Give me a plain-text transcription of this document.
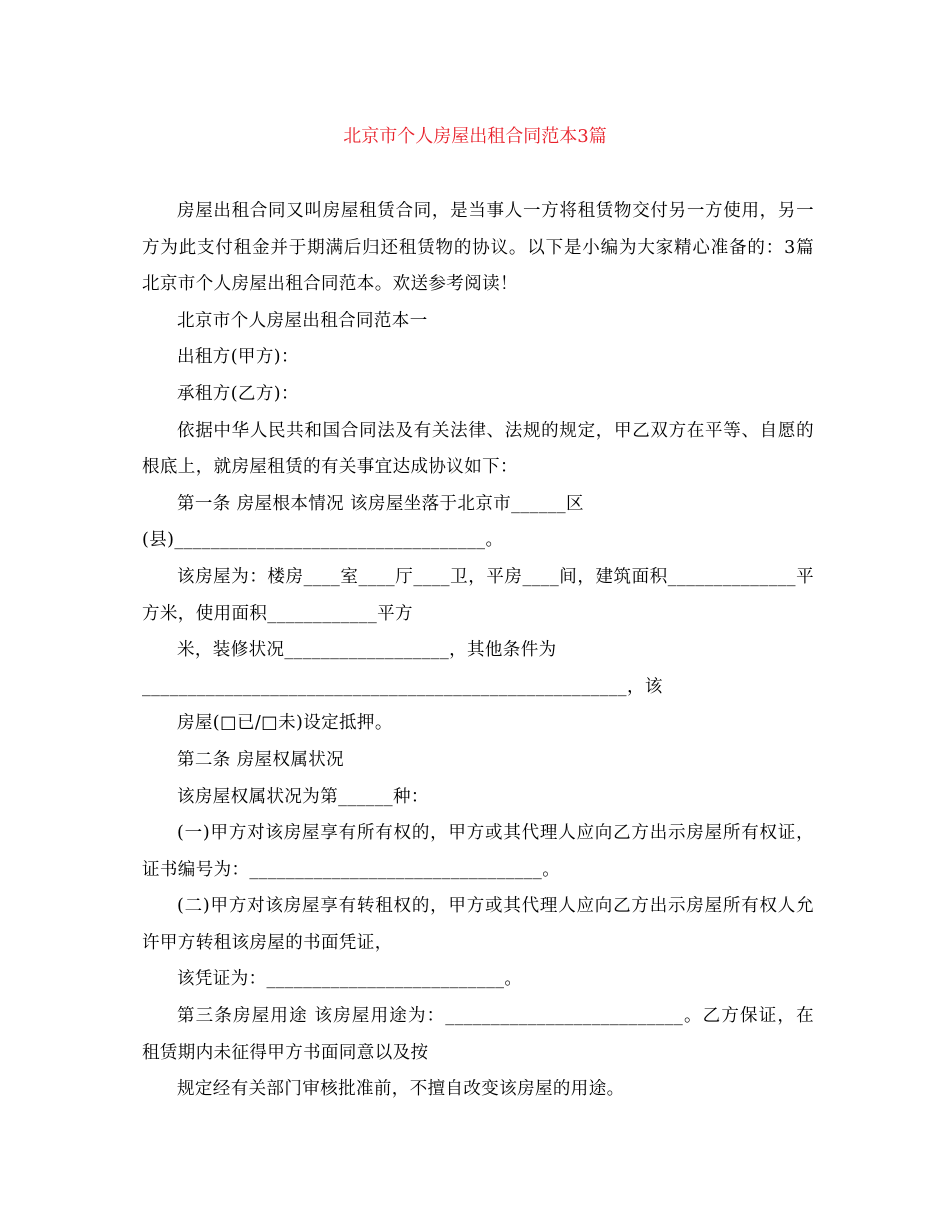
北京市个人房屋出租合同范本3篇

房屋出租合同又叫房屋租赁合同，是当事人一方将租赁物交付另一方使用，另一方为此支付租金并于期满后归还租赁物的协议。以下是小编为大家精心准备的：3篇北京市个人房屋出租合同范本。欢送参考阅读！

北京市个人房屋出租合同范本一

出租方(甲方)：

承租方(乙方)：

依据中华人民共和国合同法及有关法律、法规的规定，甲乙双方在平等、自愿的根底上，就房屋租赁的有关事宜达成协议如下：

第一条 房屋根本情况 该房屋坐落于北京市______区

(县)__________________________________。

该房屋为：楼房____室____厅____卫，平房____间，建筑面积______________平方米，使用面积____________平方

米，装修状况__________________，其他条件为

_____________________________________________________，该

房屋(□已/□未)设定抵押。

第二条 房屋权属状况

该房屋权属状况为第______种：

(一)甲方对该房屋享有所有权的，甲方或其代理人应向乙方出示房屋所有权证，证书编号为：________________________________。

(二)甲方对该房屋享有转租权的，甲方或其代理人应向乙方出示房屋所有权人允许甲方转租该房屋的书面凭证，

该凭证为：__________________________。

第三条房屋用途 该房屋用途为：__________________________。乙方保证，在租赁期内未征得甲方书面同意以及按

规定经有关部门审核批准前，不擅自改变该房屋的用途。
